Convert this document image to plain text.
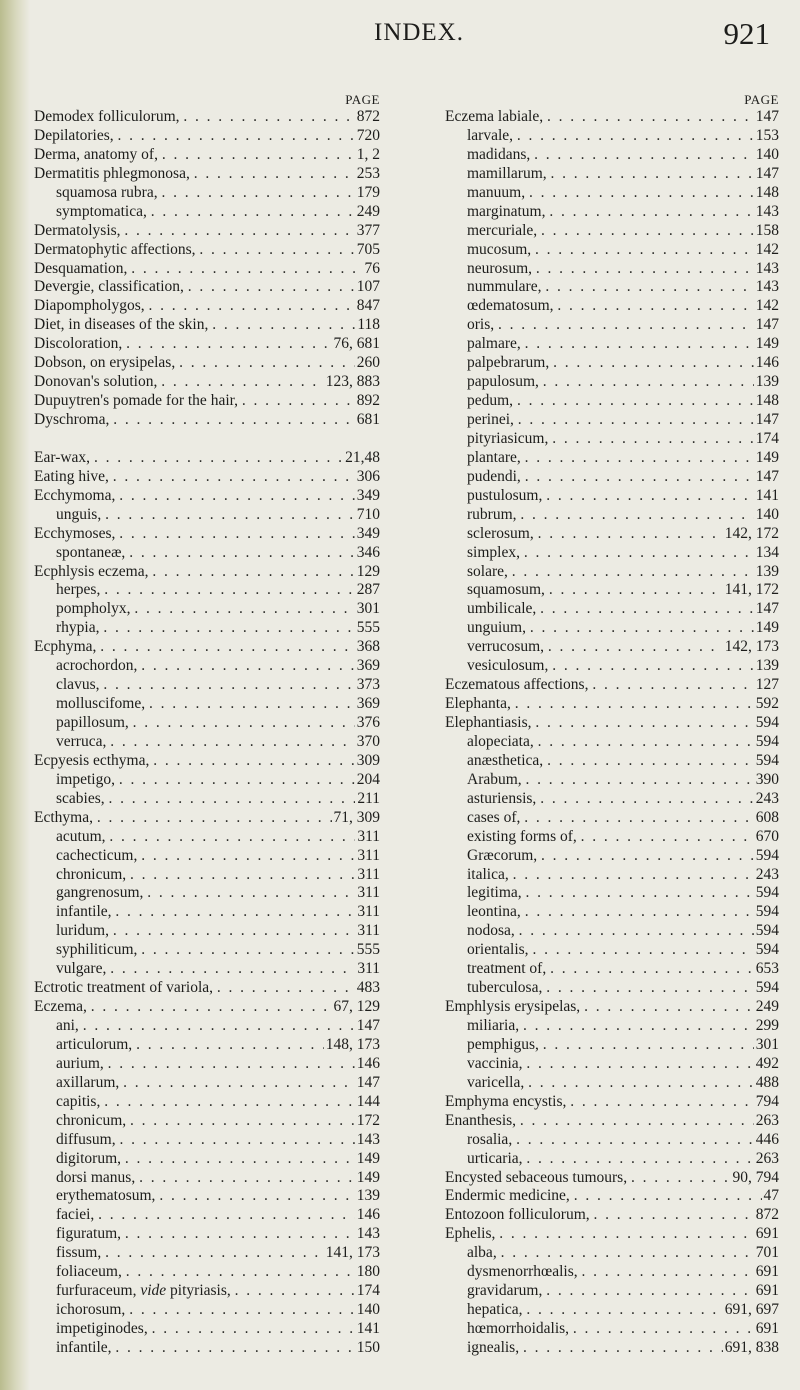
INDEX.	921
PAGE
Demodex folliculorum, . .	872
Depilatories, . .	720
Derma, anatomy of, . .	1, 2
Dermatitis phlegmonosa, . .	253
squamosa rubra, . .	179
symptomatica, . .	249
Dermatolysis, . .	377
Dermatophytic affections, . .	705
Desquamation, . .	76
Devergie, classification, . .	107
Diapompholygos, . .	847
Diet, in diseases of the skin, . .	118
Discoloration, . .	76, 681
Dobson, on erysipelas, . .	260
Donovan's solution, . .	123, 883
Dupuytren's pomade for the hair, . .	892
Dyschroma, . .	681
Ear-wax, . .	21,48
Eating hive, . .	306
Ecchymoma, . .	349
unguis, . .	710
Ecchymoses, . .	349
spontaneæ, . .	346
Ecphlysis eczema, . .	129
herpes, . .	287
pompholyx, . .	301
rhypia, . .	555
Ecphyma, . .	368
acrochordon, . .	369
clavus, . .	373
molluscifome, . .	369
papillosum, . .	376
verruca, . .	370
Ecpyesis ecthyma, . .	309
impetigo, . .	204
scabies, . .	211
Ecthyma, . .	71, 309
acutum, . .	311
cachecticum, . .	311
chronicum, . .	311
gangrenosum, . .	311
infantile, . .	311
luridum, . .	311
syphiliticum, . .	555
vulgare, . .	311
Ectrotic treatment of variola, . .	483
Eczema, . .	67, 129
ani, . .	147
articulorum, . .	148, 173
aurium, . .	146
axillarum, . .	147
capitis, . .	144
chronicum, . .	172
diffusum, . .	143
digitorum, . .	149
dorsi manus, . .	149
erythematosum, . .	139
faciei, . .	146
figuratum, . .	143
fissum, . .	141, 173
foliaceum, . .	180
furfuraceum, vide pityriasis, . .	174
ichorosum, . .	140
impetiginodes, . .	141
infantile, . .	150
PAGE
Eczema labiale, . .	147
larvale, . .	153
madidans, . .	140
mamillarum, . .	147
manuum, . .	148
marginatum, . .	143
mercuriale, . .	158
mucosum, . .	142
neurosum, . .	143
nummulare, . .	143
œdematosum, . .	142
oris, . .	147
palmare, . .	149
palpebrarum, . .	146
papulosum, . .	139
pedum, . .	148
perinei, . .	147
pityriasicum, . .	174
plantare, . .	149
pudendi, . .	147
pustulosum, . .	141
rubrum, . .	140
sclerosum, . .	142, 172
simplex, . .	134
solare, . .	139
squamosum, . .	141, 172
umbilicale, . .	147
unguium, . .	149
verrucosum, . .	142, 173
vesiculosum, . .	139
Eczematous affections, . .	127
Elephanta, . .	592
Elephantiasis, . .	594
alopeciata, . .	594
anæsthetica, . .	594
Arabum, . .	390
asturiensis, . .	243
cases of, . .	608
existing forms of, . .	670
Græcorum, . .	594
italica, . .	243
legitima, . .	594
leontina, . .	594
nodosa, . .	594
orientalis, . .	594
treatment of, . .	653
tuberculosa, . .	594
Emphlysis erysipelas, . .	249
miliaria, . .	299
pemphigus, . .	301
vaccinia, . .	492
varicella, . .	488
Emphyma encystis, . .	794
Enanthesis, . .	263
rosalia, . .	446
urticaria, . .	263
Encysted sebaceous tumours, . .	90, 794
Endermic medicine, . .	47
Entozoon folliculorum, . .	872
Ephelis, . .	691
alba, . .	701
dysmenorrhœalis, . .	691
gravidarum, . .	691
hepatica, . .	691, 697
hœmorrhoidalis, . .	691
ignealis, . .	691, 838
